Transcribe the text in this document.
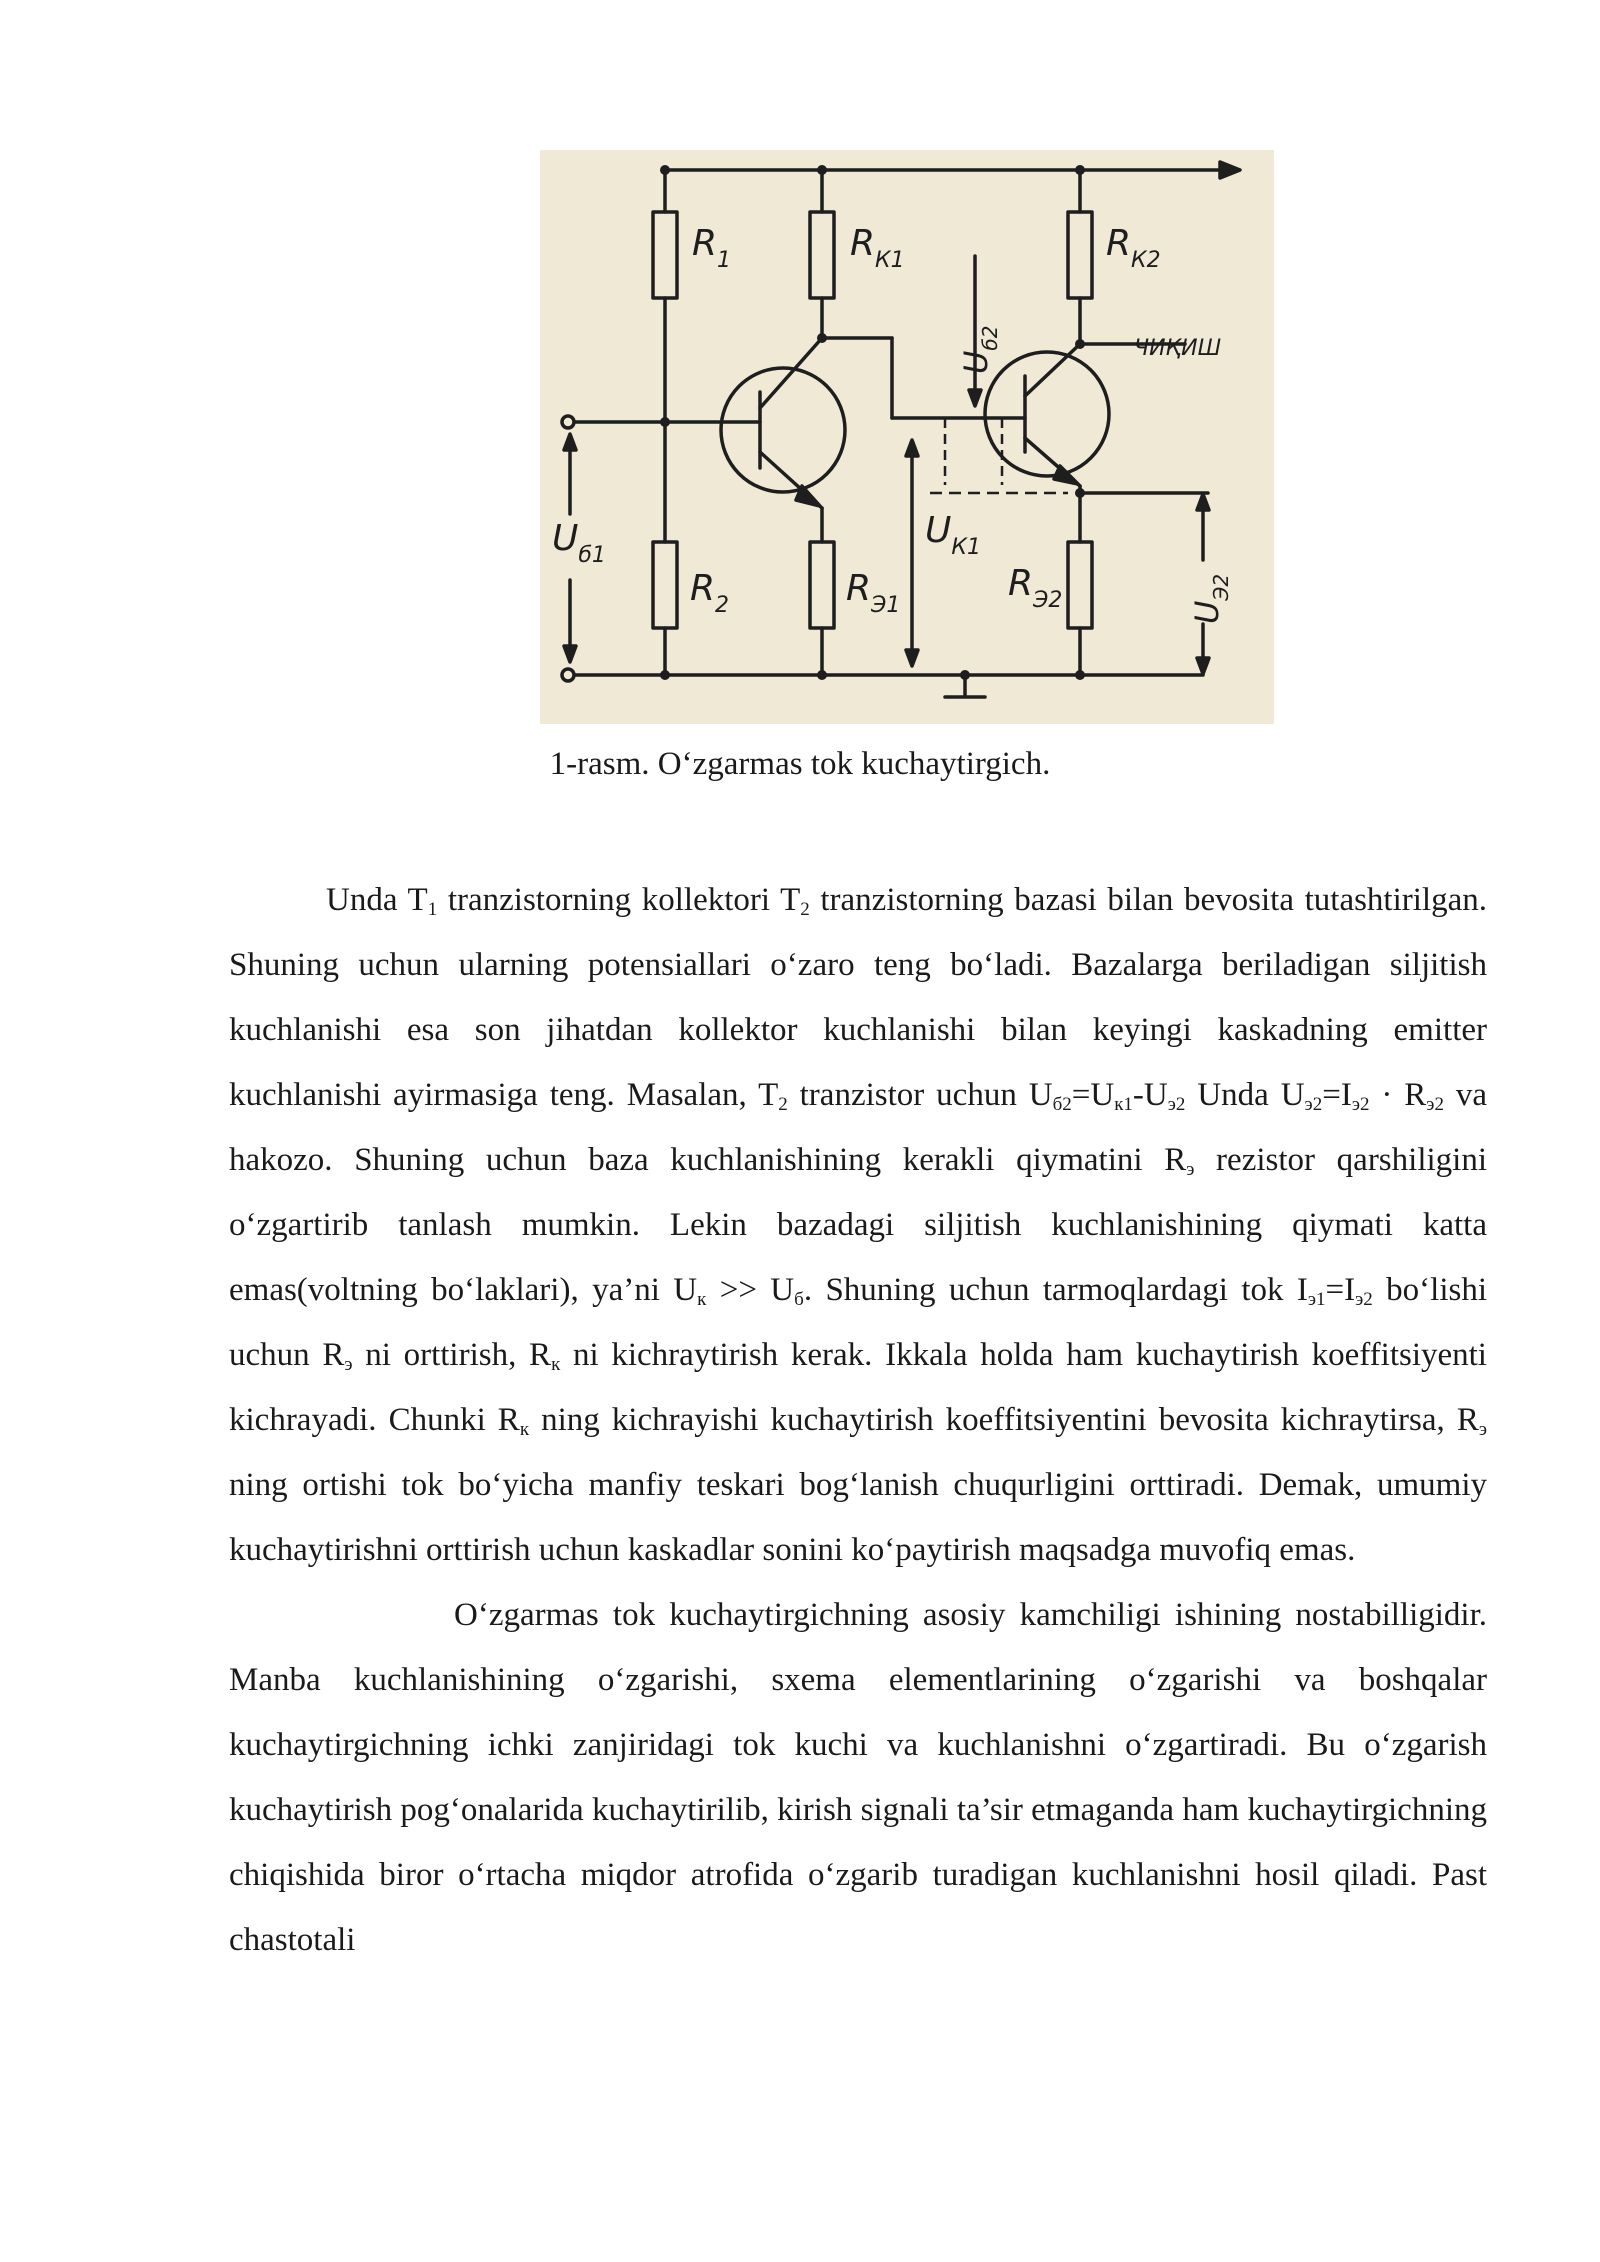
$R_1$	$R_{К1}$	$R_{К2}$
$R_2$	$R_{Э1}$
$R_{Э2}$
$U_{б1}$
$U_{К1}$
ЧИҚИШ
$U_{б2}$
$U_{Э2}$
1-rasm. O‘zgarmas tok kuchaytirgich.

Unda $T_1$ tranzistorning kollektori $T_2$ tranzistorning bazasi bilan bevosita tutashtirilgan. Shuning uchun ularning potensiallari o‘zaro teng bo‘ladi. Bazalarga beriladigan siljitish kuchlanishi esa son jihatdan kollektor kuchlanishi bilan keyingi kaskadning emitter kuchlanishi ayirmasiga teng. Masalan, $T_2$ tranzistor uchun $U_{б2}=U_{к1}-U_{э2}$ Unda $U_{э2}=I_{э2} \cdot R_{э2}$ va hakozo. Shuning uchun baza kuchlanishining kerakli qiymatini $R_э$ rezistor qarshiligini o‘zgartirib tanlash mumkin. Lekin bazadagi siljitish kuchlanishining qiymati katta emas(voltning bo‘laklari), ya’ni $U_к >> U_б$. Shuning uchun tarmoqlardagi tok $I_{э1}=I_{э2}$ bo‘lishi uchun $R_э$ ni orttirish, $R_к$ ni kichraytirish kerak. Ikkala holda ham kuchaytirish koeffitsiyenti kichrayadi. Chunki $R_к$ ning kichrayishi kuchaytirish koeffitsiyentini bevosita kichraytirsa, $R_э$ ning ortishi tok bo‘yicha manfiy teskari bog‘lanish chuqurligini orttiradi. Demak, umumiy kuchaytirishni orttirish uchun kaskadlar sonini ko‘paytirish maqsadga muvofiq emas.

O‘zgarmas tok kuchaytirgichning asosiy kamchiligi ishining nostabilligidir. Manba kuchlanishining o‘zgarishi, sxema elementlarining o‘zgarishi va boshqalar kuchaytirgichning ichki zanjiridagi tok kuchi va kuchlanishni o‘zgartiradi. Bu o‘zgarish kuchaytirish pog‘onalarida kuchaytirilib, kirish signali ta’sir etmaganda ham kuchaytirgichning chiqishida biror o‘rtacha miqdor atrofida o‘zgarib turadigan kuchlanishni hosil qiladi. Past chastotali
